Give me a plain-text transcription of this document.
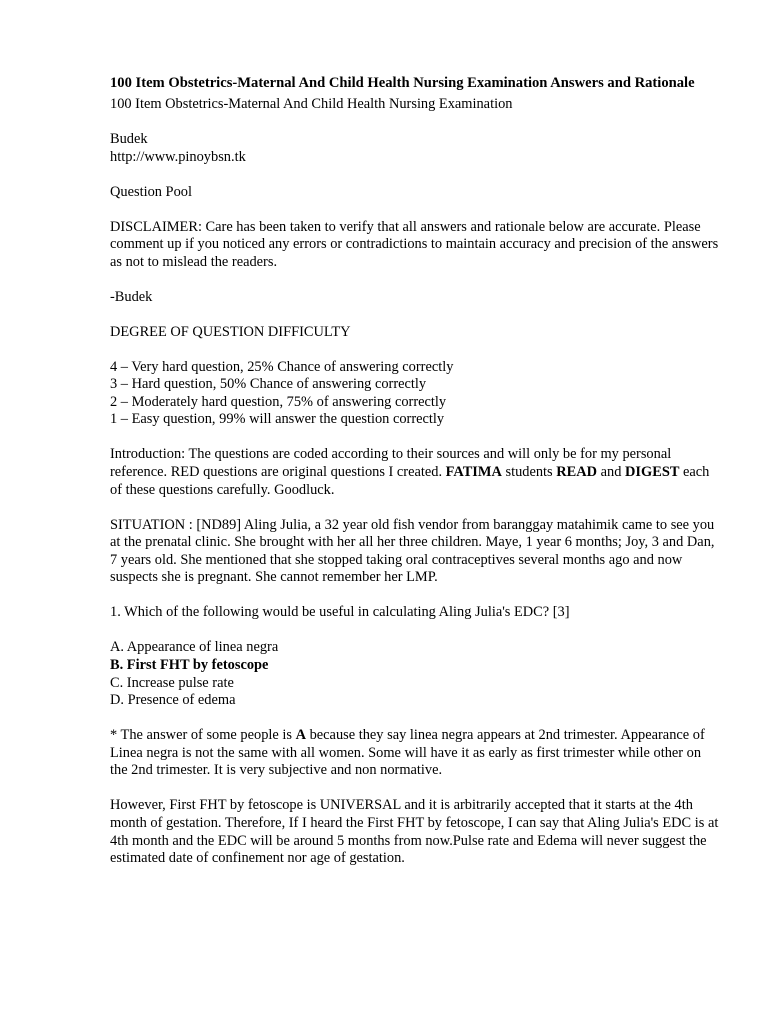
100 Item Obstetrics-Maternal And Child Health Nursing Examination Answers and Rationale

100 Item Obstetrics-Maternal And Child Health Nursing Examination

Budek

http://www.pinoybsn.tk

Question Pool

DISCLAIMER: Care has been taken to verify that all answers and rationale below are accurate. Please comment up if you noticed any errors or contradictions to maintain accuracy and precision of the answers as not to mislead the readers.

-Budek

DEGREE OF QUESTION DIFFICULTY

4 – Very hard question, 25% Chance of answering correctly
3 – Hard question, 50% Chance of answering correctly
2 – Moderately hard question, 75% of answering correctly
1 – Easy question, 99% will answer the question correctly

Introduction: The questions are coded according to their sources and will only be for my personal reference. RED questions are original questions I created. FATIMA students READ and DIGEST each of these questions carefully. Goodluck.

SITUATION : [ND89] Aling Julia, a 32 year old fish vendor from baranggay matahimik came to see you at the prenatal clinic. She brought with her all her three children. Maye, 1 year 6 months; Joy, 3 and Dan, 7 years old. She mentioned that she stopped taking oral contraceptives several months ago and now suspects she is pregnant. She cannot remember her LMP.

1. Which of the following would be useful in calculating Aling Julia's EDC? [3]

A. Appearance of linea negra
B. First FHT by fetoscope
C. Increase pulse rate
D. Presence of edema

* The answer of some people is A because they say linea negra appears at 2nd trimester. Appearance of Linea negra is not the same with all women. Some will have it as early as first trimester while other on the 2nd trimester. It is very subjective and non normative.

However, First FHT by fetoscope is UNIVERSAL and it is arbitrarily accepted that it starts at the 4th month of gestation. Therefore, If I heard the First FHT by fetoscope, I can say that Aling Julia's EDC is at 4th month and the EDC will be around 5 months from now.Pulse rate and Edema will never suggest the estimated date of confinement nor age of gestation.
